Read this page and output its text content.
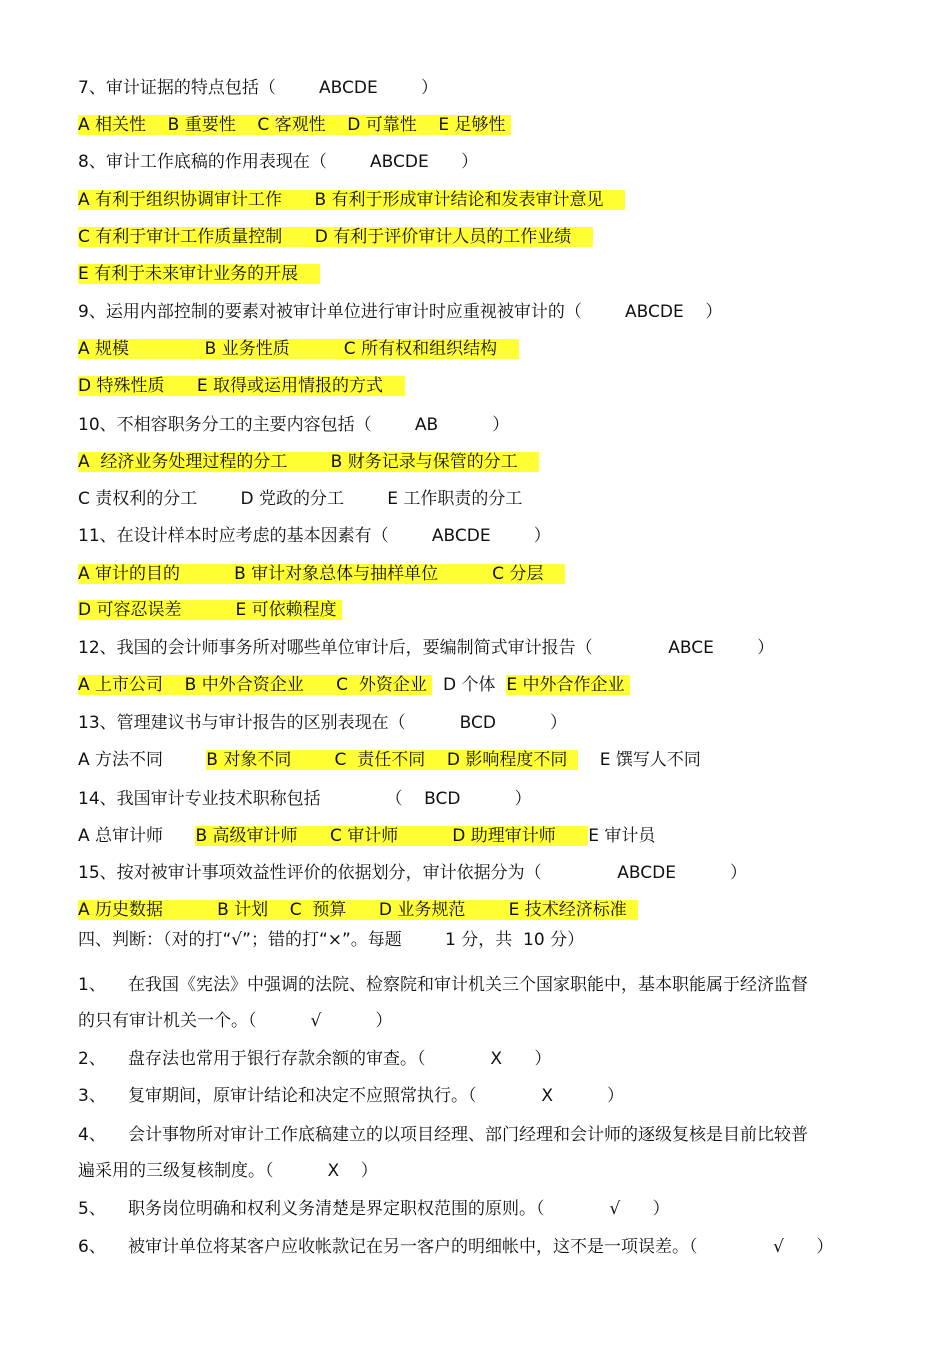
7、审计证据的特点包括（        ABCDE        ）

A 相关性    B 重要性    C 客观性    D 可靠性    E 足够性

8、审计工作底稿的作用表现在（        ABCDE      ）

A 有利于组织协调审计工作      B 有利于形成审计结论和发表审计意见

C 有利于审计工作质量控制      D 有利于评价审计人员的工作业绩

E 有利于未来审计业务的开展

9、运用内部控制的要素对被审计单位进行审计时应重视被审计的（        ABCDE    ）

A 规模              B 业务性质          C 所有权和组织结构

D 特殊性质      E 取得或运用情报的方式

10、不相容职务分工的主要内容包括（        AB          ）

A  经济业务处理过程的分工        B 财务记录与保管的分工

C 责权利的分工        D 党政的分工        E 工作职责的分工

11、在设计样本时应考虑的基本因素有（        ABCDE        ）

A 审计的目的          B 审计对象总体与抽样单位          C 分层

D 可容忍误差          E 可依赖程度

12、我国的会计师事务所对哪些单位审计后，要编制简式审计报告（              ABCE        ）

A 上市公司    B 中外合资企业      C  外资企业   D 个体  E 中外合作企业

13、管理建议书与审计报告的区别表现在（          BCD          ）

A 方法不同        B 对象不同        C  责任不同    D 影响程度不同      E 馔写人不同

14、我国审计专业技术职称包括            （    BCD          ）

A 总审计师      B 高级审计师      C 审计师          D 助理审计师      E 审计员

15、按对被审计事项效益性评价的依据划分，审计依据分为（              ABCDE          ）

A 历史数据          B 计划    C  预算      D 业务规范        E 技术经济标准

四、判断：（对的打“√”；错的打“×”。每题        1 分，共  10 分）

1、 在我国《宪法》中强调的法院、检察院和审计机关三个国家职能中，基本职能属于经济监督

的只有审计机关一个。（          √          ）

2、 盘存法也常用于银行存款余额的审查。（            X      ）

3、 复审期间，原审计结论和决定不应照常执行。（            X          ）

4、 会计事物所对审计工作底稿建立的以项目经理、部门经理和会计师的逐级复核是目前比较普

遍采用的三级复核制度。（          X    ）

5、 职务岗位明确和权利义务清楚是界定职权范围的原则。（            √      ）

6、 被审计单位将某客户应收帐款记在另一客户的明细帐中，这不是一项误差。（              √      ）
